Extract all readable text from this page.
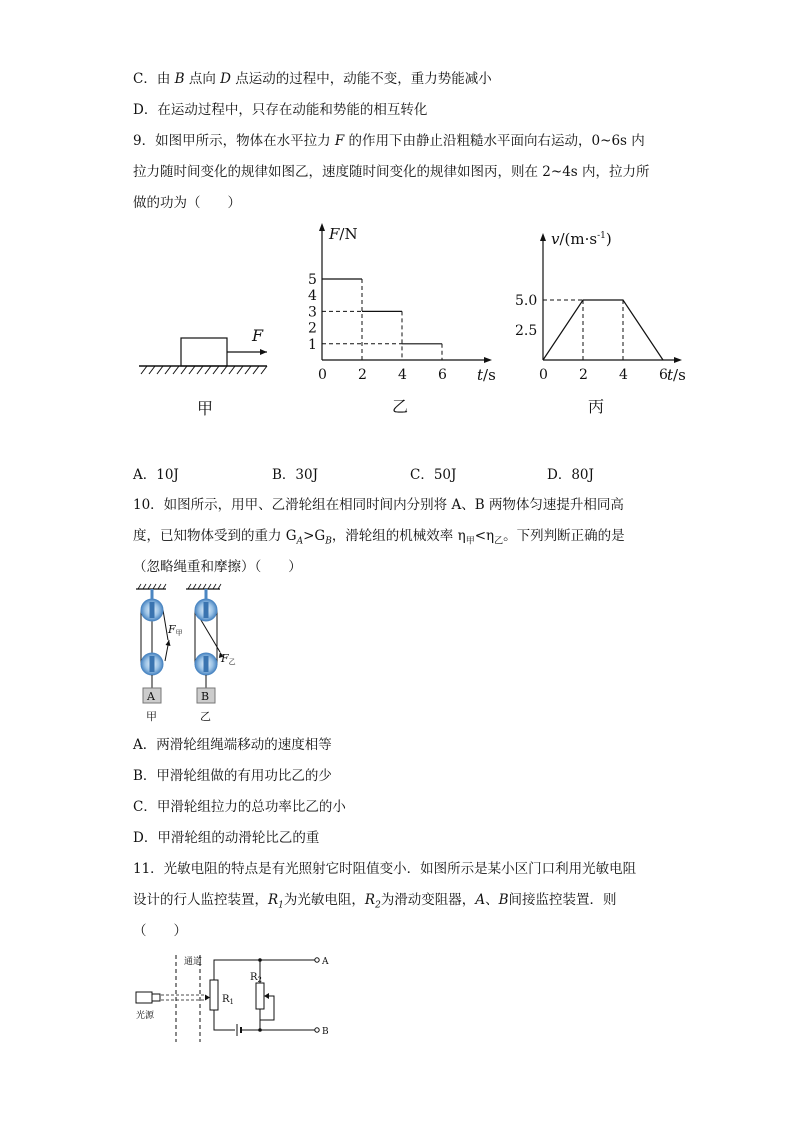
C．由 B 点向 D 点运动的过程中，动能不变，重力势能减小
D．在运动过程中，只存在动能和势能的相互转化
9．如图甲所示，物体在水平拉力 F 的作用下由静止沿粗糙水平面向右运动，0~6s 内
拉力随时间变化的规律如图乙，速度随时间变化的规律如图丙，则在 2~4s 内，拉力所
做的功为（　　）
F
甲
0 2 4 6 t/s
1
2
3
4
5
F/N
乙
0 2 4 6 t/s
2.5
5.0
$v/(m\cdot s^{-1})$
丙
A．10J	B．30J	C．50J	D．80J
10．如图所示，用甲、乙滑轮组在相同时间内分别将 A、B 两物体匀速提升相同高
度，已知物体受到的重力 $G_A>G_B$，滑轮组的机械效率 $\eta_甲<\eta_乙$。下列判断正确的是
（忽略绳重和摩擦）（　　）
F甲
A
甲
F乙
B
乙
A．两滑轮组绳端移动的速度相等
B．甲滑轮组做的有用功比乙的少
C．甲滑轮组拉力的总功率比乙的小
D．甲滑轮组的动滑轮比乙的重
11．光敏电阻的特点是有光照射它时阻值变小．如图所示是某小区门口利用光敏电阻
设计的行人监控装置，$R_1$为光敏电阻，$R_2$为滑动变阻器，A、B间接监控装置．则
（　　）
通道
光源
A
$R_1$
B
$R_2$
